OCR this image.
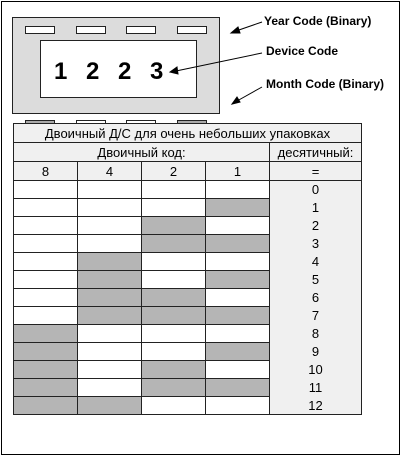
1 2 2 3
Year Code (Binary)
Device Code
Month Code (Binary)
Двоичный Д/С для очень небольших упаковках				
Двоичный код:				десятичный:
8	4	2	1	=
				0
				1
				2
				3
				4
				5
				6
				7
				8
				9
				10
				11
				12
